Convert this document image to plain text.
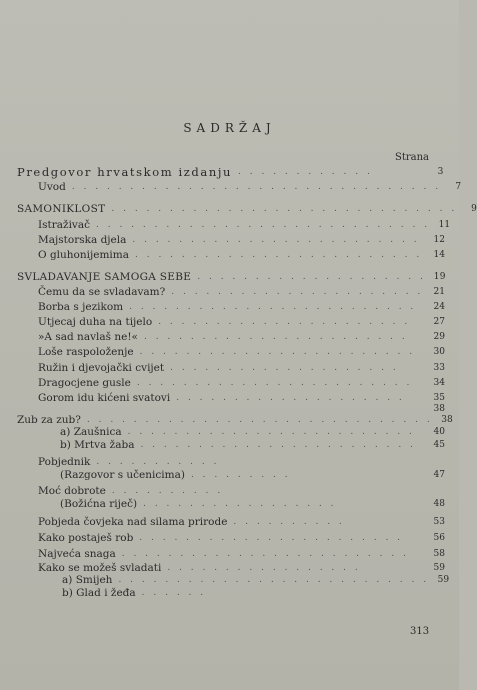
SADRŽAJ
Strana
Predgovor hrvatskom izdanju . . . . . . . . . . . .	3
Uvod . . . . . . . . . . . . . . . . . . . . . . . . . . . . . . . .	7
SAMONIKLOST . . . . . . . . . . . . . . . . . . . . . . . . . . . . . .	9
Istraživač . . . . . . . . . . . . . . . . . . . . . . . . . . . . . 11
Majstorska djela . . . . . . . . . . . . . . . . . . . . . . . . .	12
O gluhonijemima . . . . . . . . . . . . . . . . . . . . . . . . .	14
SVLADAVANJE SAMOGA SEBE . . . . . . . . . . . . . . . . . . . . 19
Čemu da se svladavam? . . . . . . . . . . . . . . . . . . . . . .	21
Borba s jezikom . . . . . . . . . . . . . . . . . . . . . . . . .	24
Utjecaj duha na tijelo . . . . . . . . . . . . . . . . . . . . . .	27
»A sad navlaš ne!« . . . . . . . . . . . . . . . . . . . . . . .	29
Loše raspoloženje . . . . . . . . . . . . . . . . . . . . . . . .	30
Ružin i djevojački cvijet . . . . . . . . . . . . . . . . . . . .	33
Dragocjene gusle . . . . . . . . . . . . . . . . . . . . . . . .	34
Gorom idu kićeni svatovi . . . . . . . . . . . . . . . . . . . .	35
38
Zub za zub? . . . . . . . . . . . . . . . . . . . . . . . . . . . . . . 38
a) Zaušnica . . . . . . . . . . . . . . . . . . . . . . . . .	40
b) Mrtva žaba . . . . . . . . . . . . . . . . . . . . . . . .	45
Pobjednik . . . . . . . . . . .
(Razgovor s učenicima) . . . . . . . . .	47
Moć dobrote . . . . . . . . . .
(Božićna riječ) . . . . . . . . . . . . . . . . .	48
Pobjeda čovjeka nad silama prirode . . . . . . . . . .	53
Kako postaješ rob . . . . . . . . . . . . . . . . . . . . . . .	56
Najveća snaga . . . . . . . . . . . . . . . . . . . . . . . . .	58
Kako se možeš svladati . . . . . . . . . . . . . . . . .	59
a) Smijeh . . . . . . . . . . . . . . . . . . . . . . . . . . . 59
b) Glad i žeđa . . . . . .
313
